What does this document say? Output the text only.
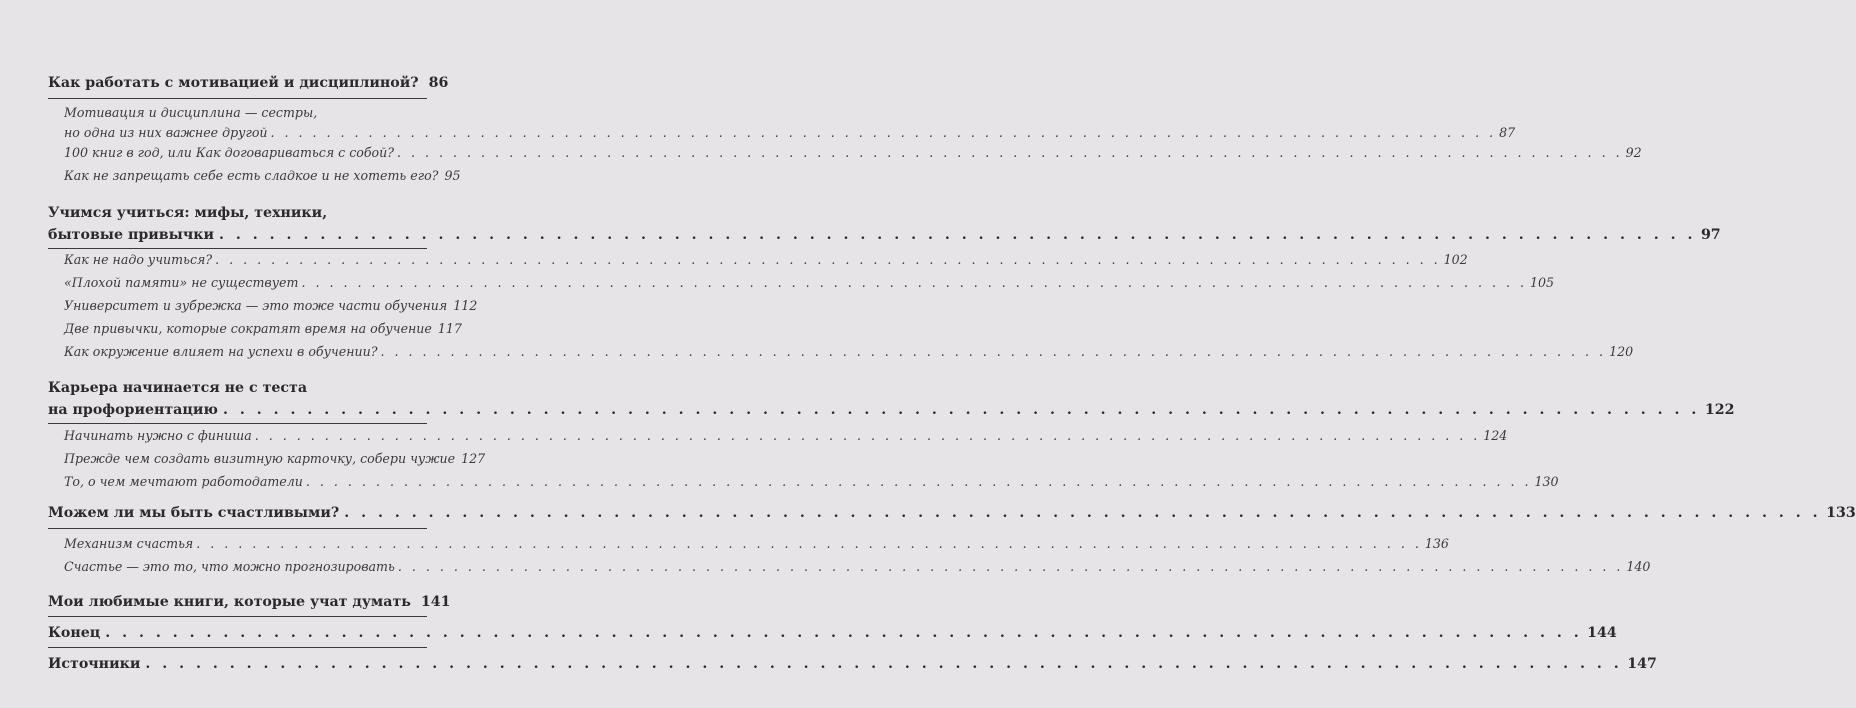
Как работать с мотивацией и дисциплиной? 86
Мотивация и дисциплина — сестры,
но одна из них важнее другой . . .	87
100 книг в год, или Как договариваться с собой? . . .	92
Как не запрещать себе есть сладкое и не хотеть его? 95
Учимся учиться: мифы, техники,
бытовые привычки . . .	97
Как не надо учиться? . . .	102
«Плохой памяти» не существует . . .	105
Университет и зубрежка — это тоже части обучения 112
Две привычки, которые сократят время на обучение 117
Как окружение влияет на успехи в обучении? . . .	120
Карьера начинается не с теста
на профориентацию . . .	122
Начинать нужно с финиша . . .	124
Прежде чем создать визитную карточку, собери чужие 127
То, о чем мечтают работодатели . . .	130
Можем ли мы быть счастливыми? . . .	133
Механизм счастья . . .	136
Счастье — это то, что можно прогнозировать . . .	140
Мои любимые книги, которые учат думать 141
Конец . . .	144
Источники . . .	147
